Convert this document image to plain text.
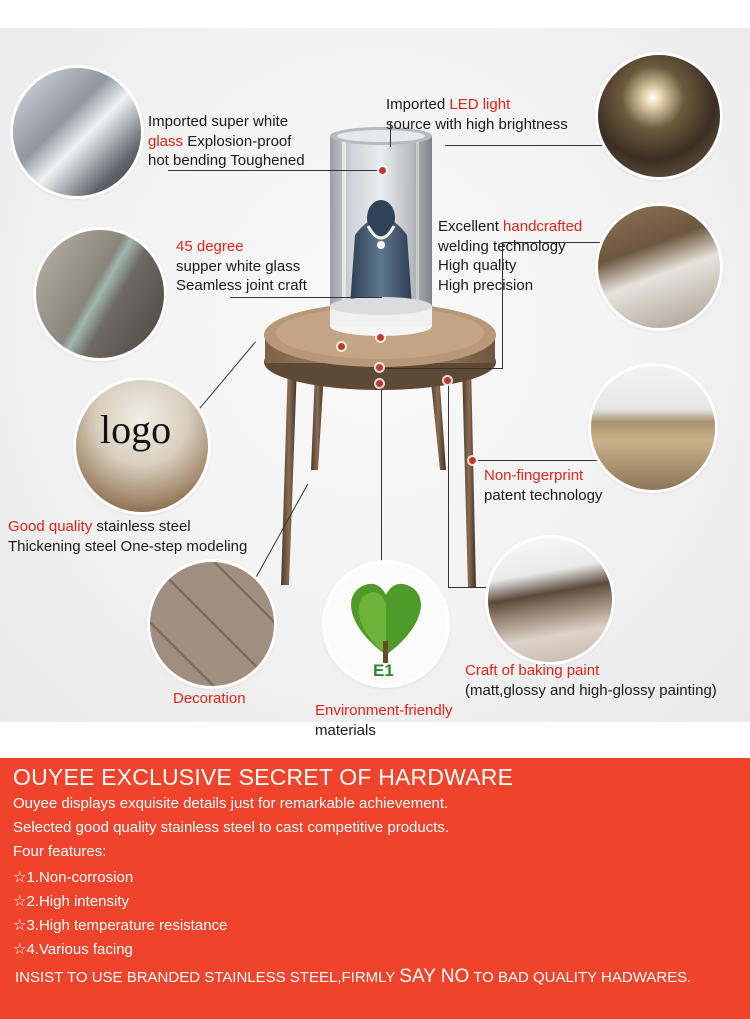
logo
E1
Imported super white
glass Explosion-proof
hot bending Toughened
Imported LED light
source with high brightness
45 degree
supper white glass
Seamless joint craft
Excellent handcrafted
welding technology
High quality
High precision
Good quality stainless steel
Thickening steel One-step modeling
Non-fingerprint
patent technology
Decoration
Environment-friendly
materials
Craft of baking paint
(matt,glossy and high-glossy painting)
OUYEE EXCLUSIVE SECRET OF HARDWARE
Ouyee displays exquisite details just for remarkable achievement.
Selected good quality stainless steel to cast competitive products.
Four features:
☆1.Non-corrosion
☆2.High intensity
☆3.High temperature resistance
☆4.Various facing
INSIST TO USE BRANDED STAINLESS STEEL,FIRMLY SAY NO TO BAD QUALITY HADWARES.
